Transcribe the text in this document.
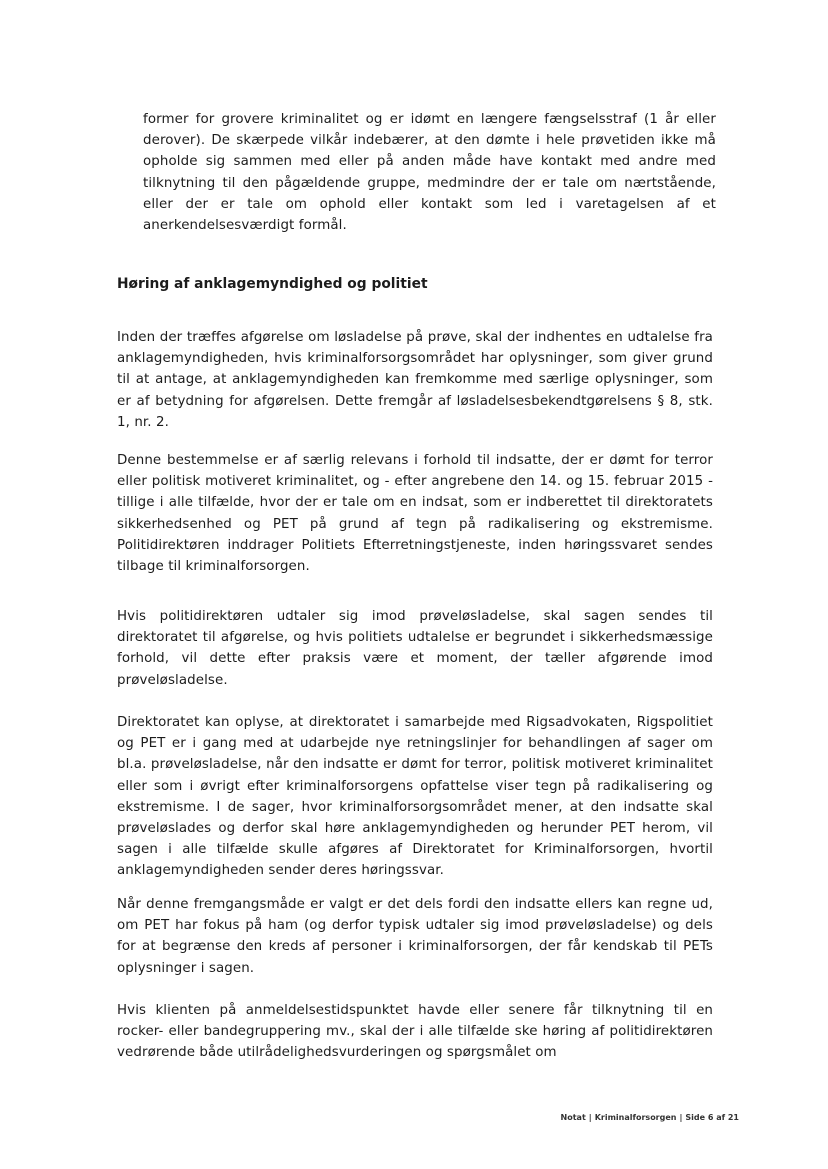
former for grovere kriminalitet og er idømt en længere fængselsstraf (1 år eller derover). De skærpede vilkår indebærer, at den dømte i hele prøvetiden ikke må opholde sig sammen med eller på anden måde have kontakt med andre med tilknytning til den pågældende gruppe, medmindre der er tale om nærtstående, eller der er tale om ophold eller kontakt som led i varetagelsen af et anerkendelsesværdigt formål.

Høring af anklagemyndighed og politiet

Inden der træffes afgørelse om løsladelse på prøve, skal der indhentes en udtalelse fra anklagemyndigheden, hvis kriminalforsorgsområdet har oplysninger, som giver grund til at antage, at anklagemyndigheden kan fremkomme med særlige oplysninger, som er af betydning for afgørelsen. Dette fremgår af løsladelsesbekendtgørelsens § 8, stk. 1, nr. 2.

Denne bestemmelse er af særlig relevans i forhold til indsatte, der er dømt for terror eller politisk motiveret kriminalitet, og - efter angrebene den 14. og 15. februar 2015 - tillige i alle tilfælde, hvor der er tale om en indsat, som er indberettet til direktoratets sikkerhedsenhed og PET på grund af tegn på radikalisering og ekstremisme. Politidirektøren inddrager Politiets Efterretningstjeneste, inden høringssvaret sendes tilbage til kriminalforsorgen.

Hvis politidirektøren udtaler sig imod prøveløsladelse, skal sagen sendes til direktoratet til afgørelse, og hvis politiets udtalelse er begrundet i sikkerhedsmæssige forhold, vil dette efter praksis være et moment, der tæller afgørende imod prøveløsladelse.

Direktoratet kan oplyse, at direktoratet i samarbejde med Rigsadvokaten, Rigspolitiet og PET er i gang med at udarbejde nye retningslinjer for behandlingen af sager om bl.a. prøveløsladelse, når den indsatte er dømt for terror, politisk motiveret kriminalitet eller som i øvrigt efter kriminalforsorgens opfattelse viser tegn på radikalisering og ekstremisme. I de sager, hvor kriminalforsorgsområdet mener, at den indsatte skal prøveløslades og derfor skal høre anklagemyndigheden og herunder PET herom, vil sagen i alle tilfælde skulle afgøres af Direktoratet for Kriminalforsorgen, hvortil anklagemyndigheden sender deres høringssvar.

Når denne fremgangsmåde er valgt er det dels fordi den indsatte ellers kan regne ud, om PET har fokus på ham (og derfor typisk udtaler sig imod prøveløsladelse) og dels for at begrænse den kreds af personer i kriminalforsorgen, der får kendskab til PETs oplysninger i sagen.

Hvis klienten på anmeldelsestidspunktet havde eller senere får tilknytning til en rocker- eller bandegruppering mv., skal der i alle tilfælde ske høring af politidirektøren vedrørende både utilrådelighedsvurderingen og spørgsmålet om

Notat | Kriminalforsorgen | Side 6 af 21
